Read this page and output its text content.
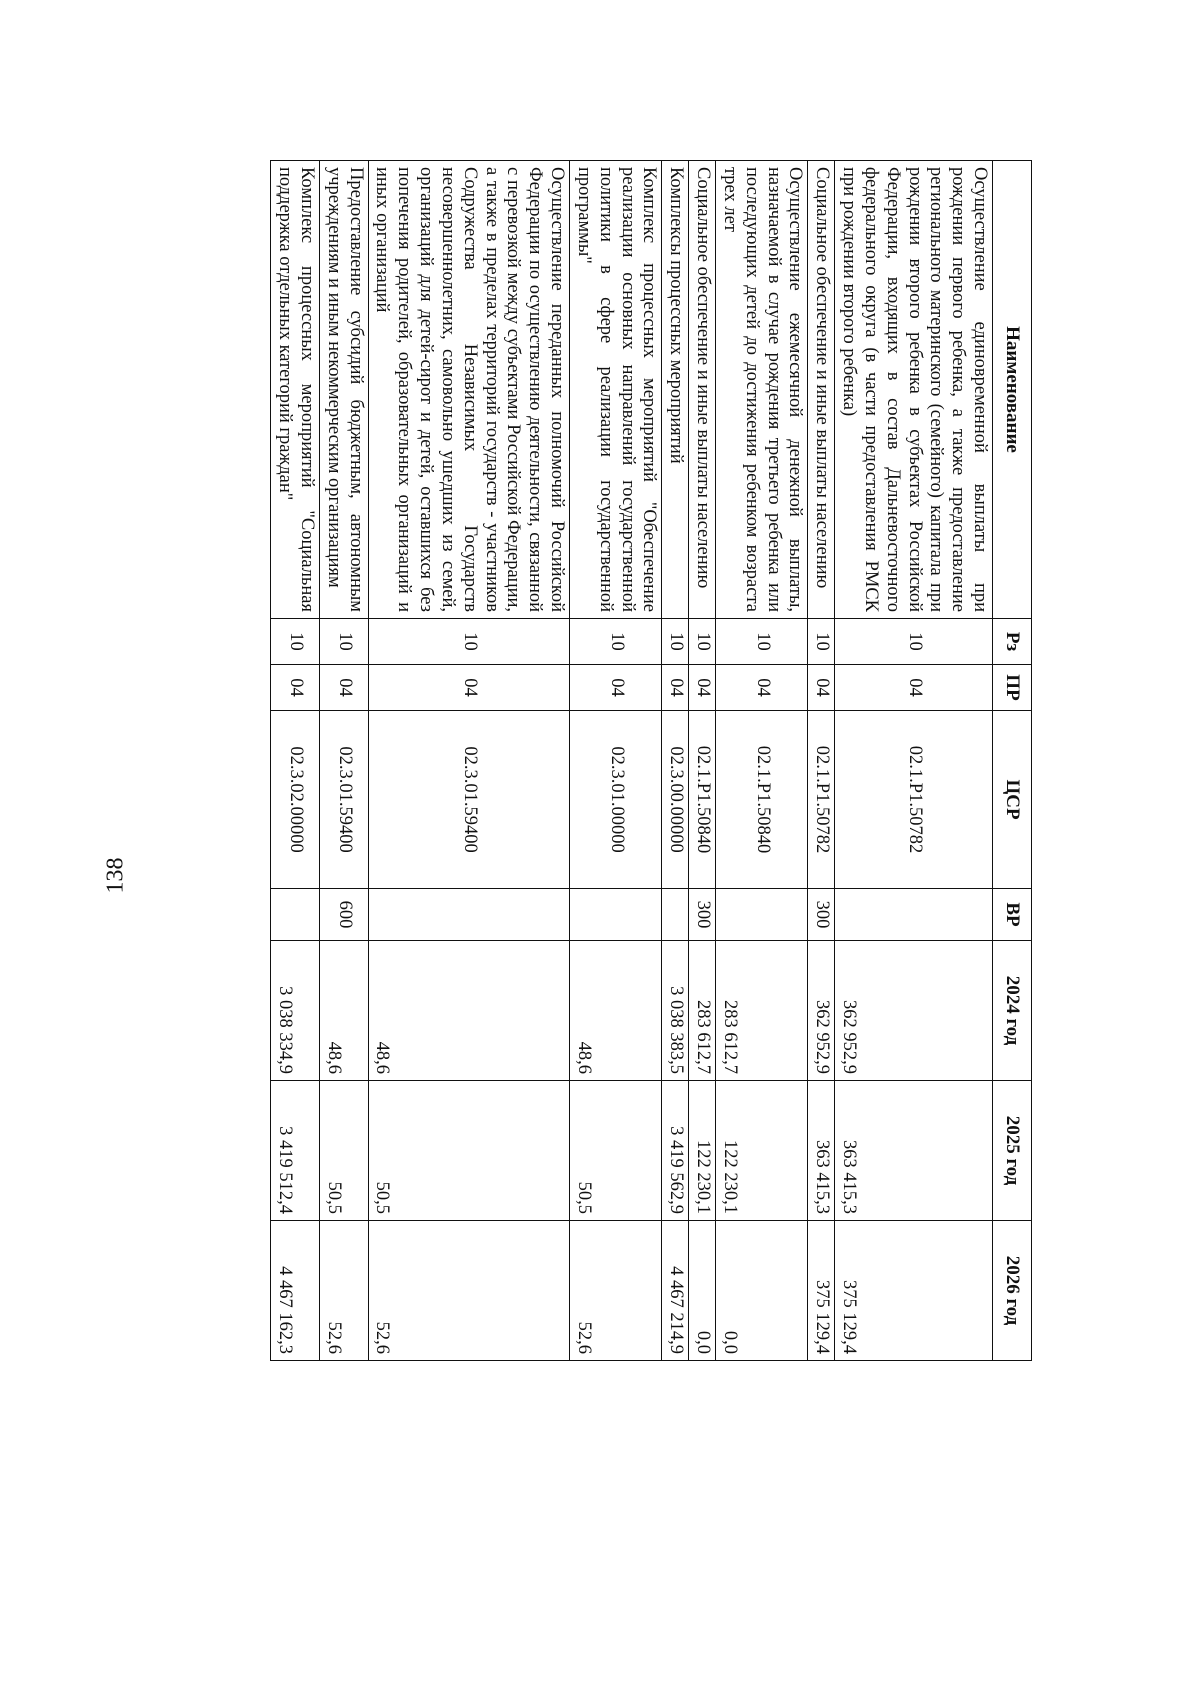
138
Наименование	Рз	ПР	ЦСР	ВР	2024 год	2025 год	2026 год
Осуществление единовременной выплаты при рождении первого ребенка, а также предоставление регионального материнского (семейного) капитала при рождении второго ребенка в субъектах Российской Федерации, входящих в состав Дальневосточного федерального округа (в части предоставления РМСК при рождении второго ребенка)	10	04	02.1.P1.50782		362 952,9	363 415,3	375 129,4
Социальное обеспечение и иные выплаты населению	10	04	02.1.P1.50782	300	362 952,9	363 415,3	375 129,4
Осуществление ежемесячной денежной выплаты, назначаемой в случае рождения третьего ребенка или последующих детей до достижения ребенком возраста трех лет	10	04	02.1.P1.50840		283 612,7	122 230,1	0,0
Социальное обеспечение и иные выплаты населению	10	04	02.1.P1.50840	300	283 612,7	122 230,1	0,0
Комплексы процессных мероприятий	10	04	02.3.00.00000		3 038 383,5	3 419 562,9	4 467 214,9
Комплекс процессных мероприятий "Обеспечение реализации основных направлений государственной политики в сфере реализации государственной программы"	10	04	02.3.01.00000		48,6	50,5	52,6
Осуществление переданных полномочий Российской Федерации по осуществлению деятельности, связанной с перевозкой между субъектами Российской Федерации, а также в пределах территорий государств - участников Содружества Независимых Государств несовершеннолетних, самовольно ушедших из семей, организаций для детей-сирот и детей, оставшихся без попечения родителей, образовательных организаций и иных организаций	10	04	02.3.01.59400		48,6	50,5	52,6
Предоставление субсидий бюджетным, автономным учреждениям и иным некоммерческим организациям	10	04	02.3.01.59400	600	48,6	50,5	52,6
Комплекс процессных мероприятий "Социальная поддержка отдельных категорий граждан"	10	04	02.3.02.00000		3 038 334,9	3 419 512,4	4 467 162,3
